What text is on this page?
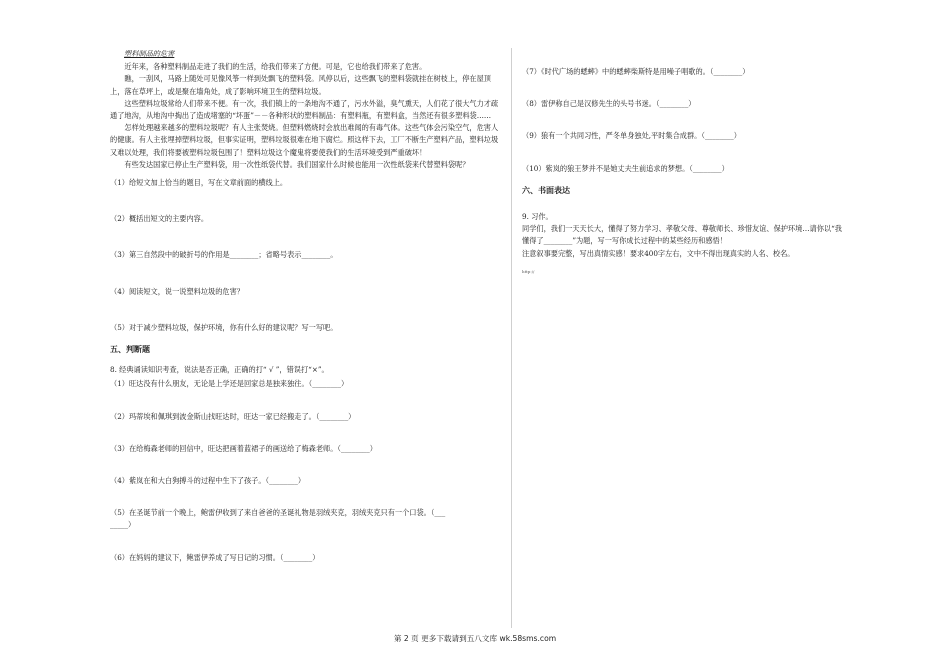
塑料制品的危害

近年来，各种塑料制品走进了我们的生活，给我们带来了方便。可是，它也给我们带来了危害。

瞧，一刮风，马路上随处可见像风筝一样到处飘飞的塑料袋。风停以后，这些飘飞的塑料袋就挂在树枝上，停在屋顶上，落在草坪上，或是聚在墙角处，成了影响环境卫生的塑料垃圾。

这些塑料垃圾常给人们带来不便。有一次，我们镇上的一条地沟不通了，污水外溢，臭气熏天，人们花了很大气力才疏通了地沟，从地沟中掏出了造成堵塞的“坏蛋”－－各种形状的塑料制品：有塑料瓶，有塑料盒，当然还有很多塑料袋……

怎样处理越来越多的塑料垃圾呢？有人主张焚烧。但塑料燃烧时会放出难闻的有毒气体。这些气体会污染空气，危害人的健康。有人主张埋掉塑料垃圾，但事实证明，塑料垃圾很难在地下腐烂。照这样下去，工厂不断生产塑料产品，塑料垃圾又难以处理，我们将要被塑料垃圾包围了！塑料垃圾这个魔鬼将要使我们的生活环境受到严重破坏！

有些发达国家已停止生产塑料袋，用一次性纸袋代替。我们国家什么时候也能用一次性纸袋来代替塑料袋呢？

（1）给短文加上恰当的题目，写在文章前面的横线上。

（2）概括出短文的主要内容。

（3）第三自然段中的破折号的作用是________；省略号表示________。

（4）阅读短文，说一说塑料垃圾的危害？

（5）对于减少塑料垃圾，保护环境，你有什么好的建议呢？写一写吧。

五、判断题

8. 经典诵读知识考查，说法是否正确，正确的打“ √ ”，错误打“×”。

（1）旺达没有什么朋友，无论是上学还是回家总是独来独往。（________）

（2）玛蒂埃和佩琪到波金斯山找旺达时，旺达一家已经搬走了。（________）

（3）在给梅森老师的回信中，旺达把画着蓝裙子的画送给了梅森老师。（________）

（4）紫岚在和大白狗搏斗的过程中生下了孩子。（________）

（5）在圣诞节前一个晚上，鲍雷伊收到了来自爸爸的圣诞礼物是羽绒夹克，羽绒夹克只有一个口袋。（___

_____）

（6）在妈妈的建议下，鲍雷伊养成了写日记的习惯。（________）

（7）《时代广场的蟋蟀》中的蟋蟀柴斯特是用噪子唱歌的。（________）

（8）雷伊称自己是汉修先生的头号书迷。（________）

（9）狼有一个共同习性，严冬单身独处,平时集合成群。（________）

（10）紫岚的狼王梦并不是她丈夫生前追求的梦想。（________）

六、书面表达

9. 习作。

同学们，我们一天天长大，懂得了努力学习、孝敬父母、尊敬师长、珍惜友谊、保护环境…请你以“我懂得了________”为题，写一写你成长过程中的某些经历和感悟！

注意叙事要完整，写出真情实感！要求400字左右，文中不得出现真实的人名、校名。

http://

第 2 页 更多下载请到五八文库 wk.58sms.com
